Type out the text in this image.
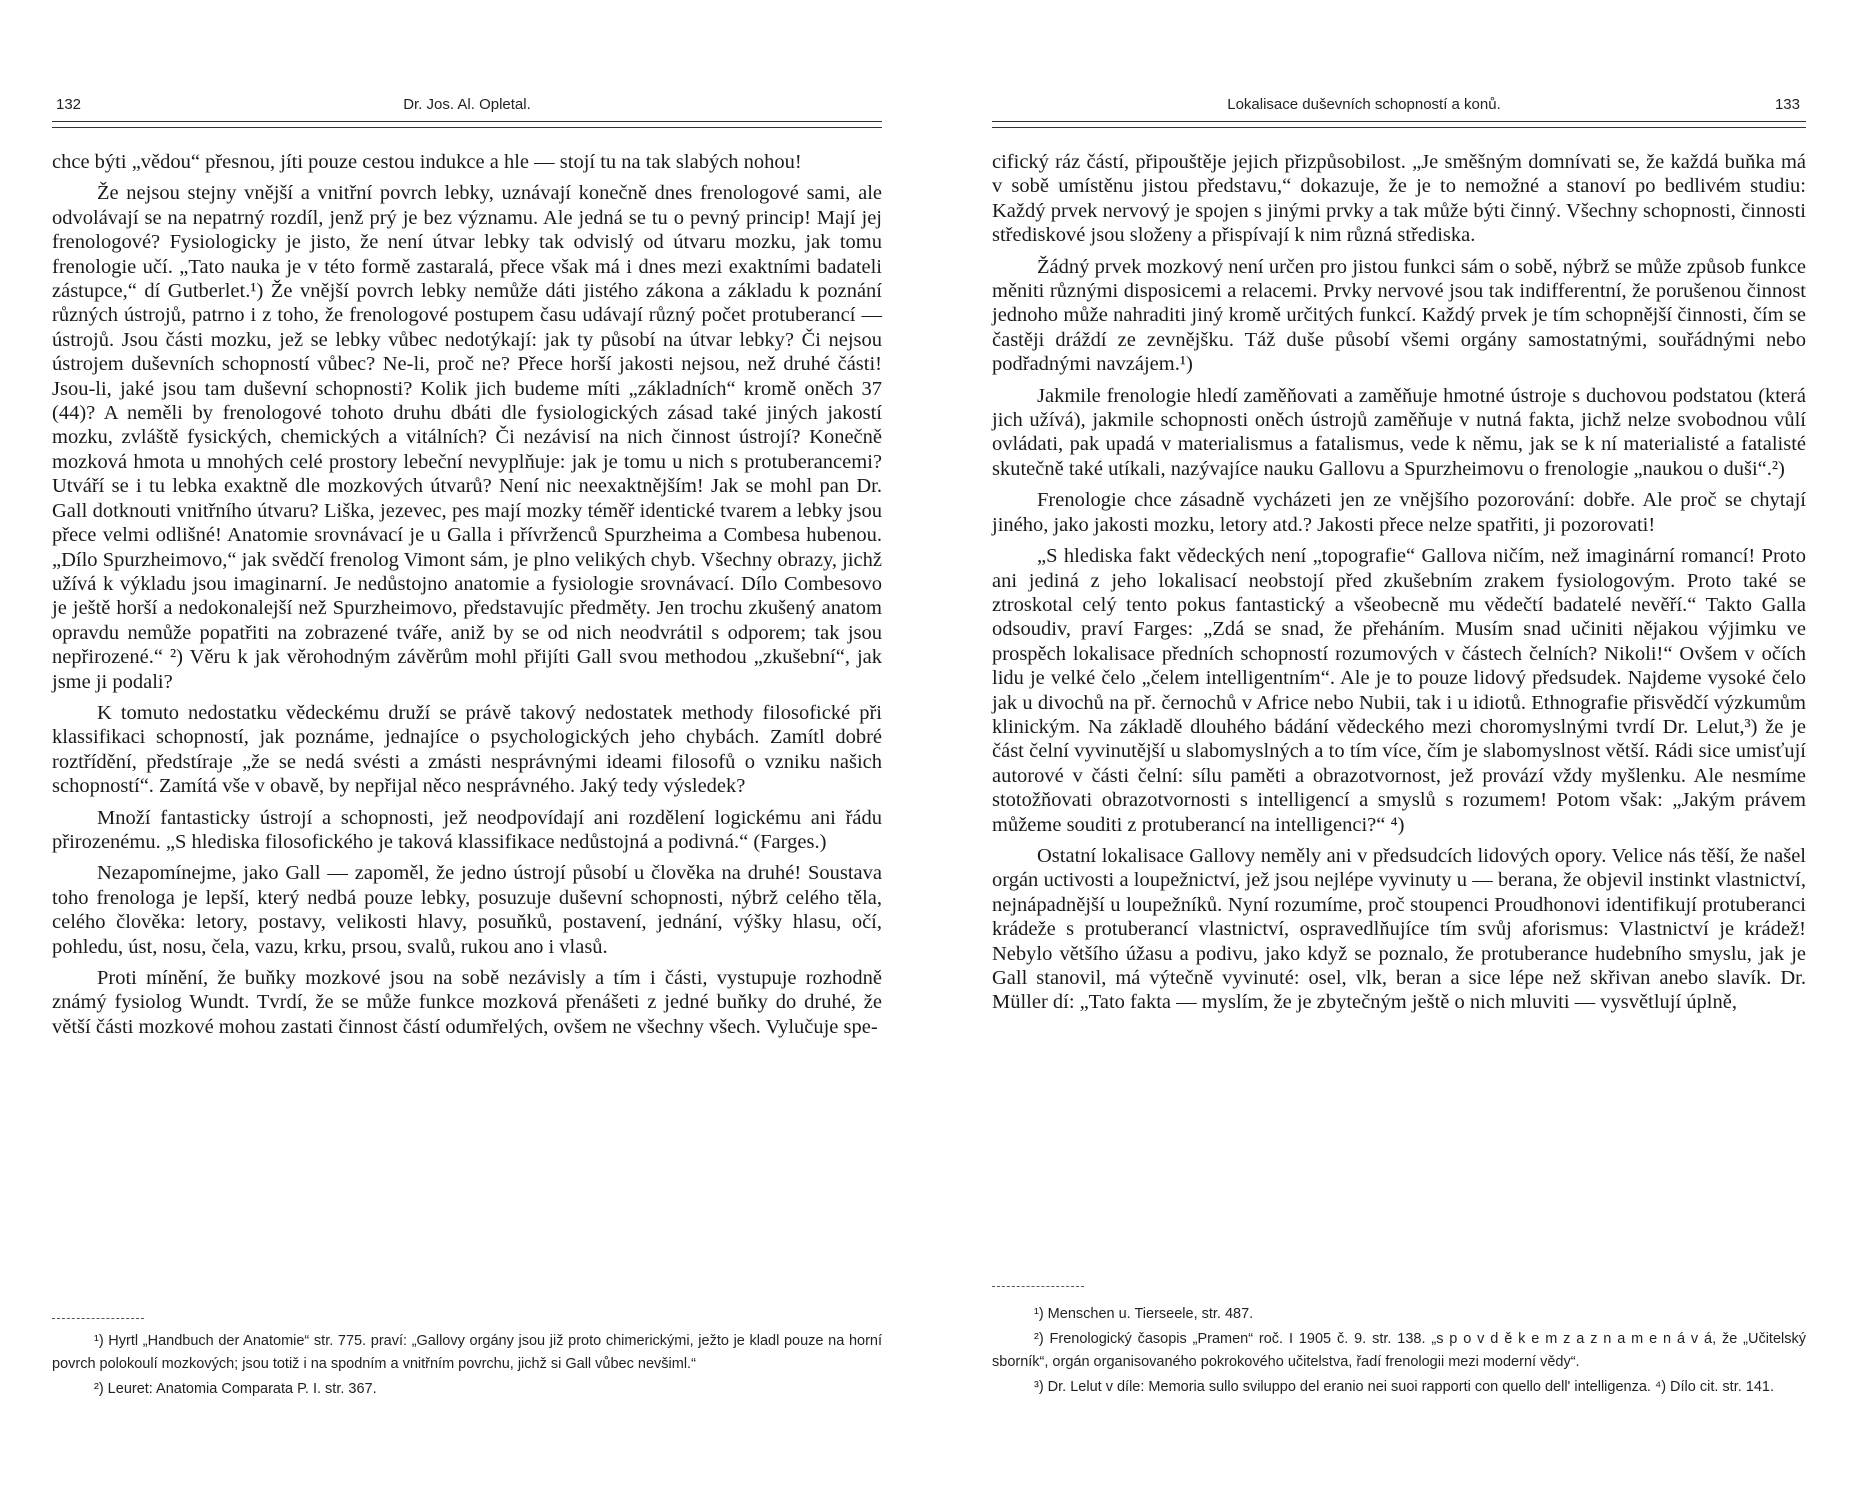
132	Dr. Jos. Al. Opletal.

chce býti „vědou“ přesnou, jíti pouze cestou indukce a hle — stojí tu na tak slabých nohou!

Že nejsou stejny vnější a vnitřní povrch lebky, uznávají konečně dnes frenologové sami, ale odvolávají se na nepatrný rozdíl, jenž prý je bez významu. Ale jedná se tu o pevný princip! Mají jej frenologové? Fysiologicky je jisto, že není útvar lebky tak odvislý od útvaru mozku, jak tomu frenologie učí. „Tato nauka je v této formě zastaralá, přece však má i dnes mezi exaktními badateli zástupce,“ dí Gutberlet.¹) Že vnější povrch lebky nemůže dáti jistého zákona a základu k poznání různých ústrojů, patrno i z toho, že frenologové postupem času udávají různý počet protuberancí — ústrojů. Jsou části mozku, jež se lebky vůbec nedotýkají: jak ty působí na útvar lebky? Či nejsou ústrojem duševních schopností vůbec? Ne-li, proč ne? Přece horší jakosti nejsou, než druhé části! Jsou-li, jaké jsou tam duševní schopnosti? Kolik jich budeme míti „základních“ kromě oněch 37 (44)? A neměli by frenologové tohoto druhu dbáti dle fysiologických zásad také jiných jakostí mozku, zvláště fysických, chemických a vitálních? Či nezávisí na nich činnost ústrojí? Konečně mozková hmota u mnohých celé prostory lebeční nevyplňuje: jak je tomu u nich s protuberancemi? Utváří se i tu lebka exaktně dle mozkových útvarů? Není nic neexaktnějším! Jak se mohl pan Dr. Gall dotknouti vnitřního útvaru? Liška, jezevec, pes mají mozky téměř identické tvarem a lebky jsou přece velmi odlišné! Anatomie srovnávací je u Galla i přívrženců Spurzheima a Combesa hubenou. „Dílo Spurzheimovo,“ jak svědčí frenolog Vimont sám, je plno velikých chyb. Všechny obrazy, jichž užívá k výkladu jsou imaginarní. Je nedůstojno anatomie a fysiologie srovnávací. Dílo Combesovo je ještě horší a nedokonalejší než Spurzheimovo, představujíc předměty. Jen trochu zkušený anatom opravdu nemůže popatřiti na zobrazené tváře, aniž by se od nich neodvrátil s odporem; tak jsou nepřirozené.“ ²) Věru k jak věrohodným závěrům mohl přijíti Gall svou methodou „zkušební“, jak jsme ji podali?

K tomuto nedostatku vědeckému druží se právě takový nedostatek methody filosofické při klassifikaci schopností, jak poznáme, jednajíce o psychologických jeho chybách. Zamítl dobré roztřídění, předstíraje „že se nedá svésti a zmásti nesprávnými ideami filosofů o vzniku našich schopností“. Zamítá vše v obavě, by nepřijal něco nesprávného. Jaký tedy výsledek?

Množí fantasticky ústrojí a schopnosti, jež neodpovídají ani rozdělení logickému ani řádu přirozenému. „S hlediska filosofického je taková klassifikace nedůstojná a podivná.“ (Farges.)

Nezapomínejme, jako Gall — zapoměl, že jedno ústrojí působí u člověka na druhé! Soustava toho frenologa je lepší, který nedbá pouze lebky, posuzuje duševní schopnosti, nýbrž celého těla, celého člověka: letory, postavy, velikosti hlavy, posuňků, postavení, jednání, výšky hlasu, očí, pohledu, úst, nosu, čela, vazu, krku, prsou, svalů, rukou ano i vlasů.

Proti mínění, že buňky mozkové jsou na sobě nezávisly a tím i části, vystupuje rozhodně známý fysiolog Wundt. Tvrdí, že se může funkce mozková přenášeti z jedné buňky do druhé, že větší části mozkové mohou zastati činnost částí odumřelých, ovšem ne všechny všech. Vylučuje spe-

¹) Hyrtl „Handbuch der Anatomie“ str. 775. praví: „Gallovy orgány jsou již proto chimerickými, ježto je kladl pouze na horní povrch polokoulí mozkových; jsou totiž i na spodním a vnitřním povrchu, jichž si Gall vůbec nevšiml.“

²) Leuret: Anatomia Comparata P. I. str. 367.

Lokalisace duševních schopností a konů.	133

cifický ráz částí, připouštěje jejich přizpůsobilost. „Je směšným domnívati se, že každá buňka má v sobě umístěnu jistou představu,“ dokazuje, že je to nemožné a stanoví po bedlivém studiu: Každý prvek nervový je spojen s jinými prvky a tak může býti činný. Všechny schopnosti, činnosti střediskové jsou složeny a přispívají k nim různá střediska.

Žádný prvek mozkový není určen pro jistou funkci sám o sobě, nýbrž se může způsob funkce měniti různými disposicemi a relacemi. Prvky nervové jsou tak indifferentní, že porušenou činnost jednoho může nahraditi jiný kromě určitých funkcí. Každý prvek je tím schopnější činnosti, čím se častěji dráždí ze zevnějšku. Táž duše působí všemi orgány samostatnými, souřádnými nebo podřadnými navzájem.¹)

Jakmile frenologie hledí zaměňovati a zaměňuje hmotné ústroje s duchovou podstatou (která jich užívá), jakmile schopnosti oněch ústrojů zaměňuje v nutná fakta, jichž nelze svobodnou vůlí ovládati, pak upadá v materialismus a fatalismus, vede k němu, jak se k ní materialisté a fatalisté skutečně také utíkali, nazývajíce nauku Gallovu a Spurzheimovu o frenologie „naukou o duši“.²)

Frenologie chce zásadně vycházeti jen ze vnějšího pozorování: dobře. Ale proč se chytají jiného, jako jakosti mozku, letory atd.? Jakosti přece nelze spatřiti, ji pozorovati!

„S hlediska fakt vědeckých není „topografie“ Gallova ničím, než imaginární romancí! Proto ani jediná z jeho lokalisací neobstojí před zkušebním zrakem fysiologovým. Proto také se ztroskotal celý tento pokus fantastický a všeobecně mu vědečtí badatelé nevěří.“ Takto Galla odsoudiv, praví Farges: „Zdá se snad, že přeháním. Musím snad učiniti nějakou výjimku ve prospěch lokalisace předních schopností rozumových v částech čelních? Nikoli!“ Ovšem v očích lidu je velké čelo „čelem intelligentním“. Ale je to pouze lidový předsudek. Najdeme vysoké čelo jak u divochů na př. černochů v Africe nebo Nubii, tak i u idiotů. Ethnografie přisvědčí výzkumům klinickým. Na základě dlouhého bádání vědeckého mezi choromyslnými tvrdí Dr. Lelut,³) že je část čelní vyvinutější u slabomyslných a to tím více, čím je slabomyslnost větší. Rádi sice umisťují autorové v části čelní: sílu paměti a obrazotvornost, jež provází vždy myšlenku. Ale nesmíme stotožňovati obrazotvornosti s intelligencí a smyslů s rozumem! Potom však: „Jakým právem můžeme souditi z protuberancí na intelligenci?“ ⁴)

Ostatní lokalisace Gallovy neměly ani v předsudcích lidových opory. Velice nás těší, že našel orgán uctivosti a loupežnictví, jež jsou nejlépe vyvinuty u — berana, že objevil instinkt vlastnictví, nejnápadnější u loupežníků. Nyní rozumíme, proč stoupenci Proudhonovi identifikují protuberanci krádeže s protuberancí vlastnictví, ospravedlňujíce tím svůj aforismus: Vlastnictví je krádež! Nebylo většího úžasu a podivu, jako když se poznalo, že protuberance hudebního smyslu, jak je Gall stanovil, má výtečně vyvinuté: osel, vlk, beran a sice lépe než skřivan anebo slavík. Dr. Müller dí: „Tato fakta — myslím, že je zbytečným ještě o nich mluviti — vysvětlují úplně,

¹) Menschen u. Tierseele, str. 487.

²) Frenologický časopis „Pramen“ roč. I 1905 č. 9. str. 138. „s p o v d ě k e m z a z n a m e n á v á, že „Učitelský sborník“, orgán organisovaného pokrokového učitelstva, řadí frenologii mezi moderní vědy“.

³) Dr. Lelut v díle: Memoria sullo sviluppo del eranio nei suoi rapporti con quello dell' intelligenza. ⁴) Dílo cit. str. 141.
